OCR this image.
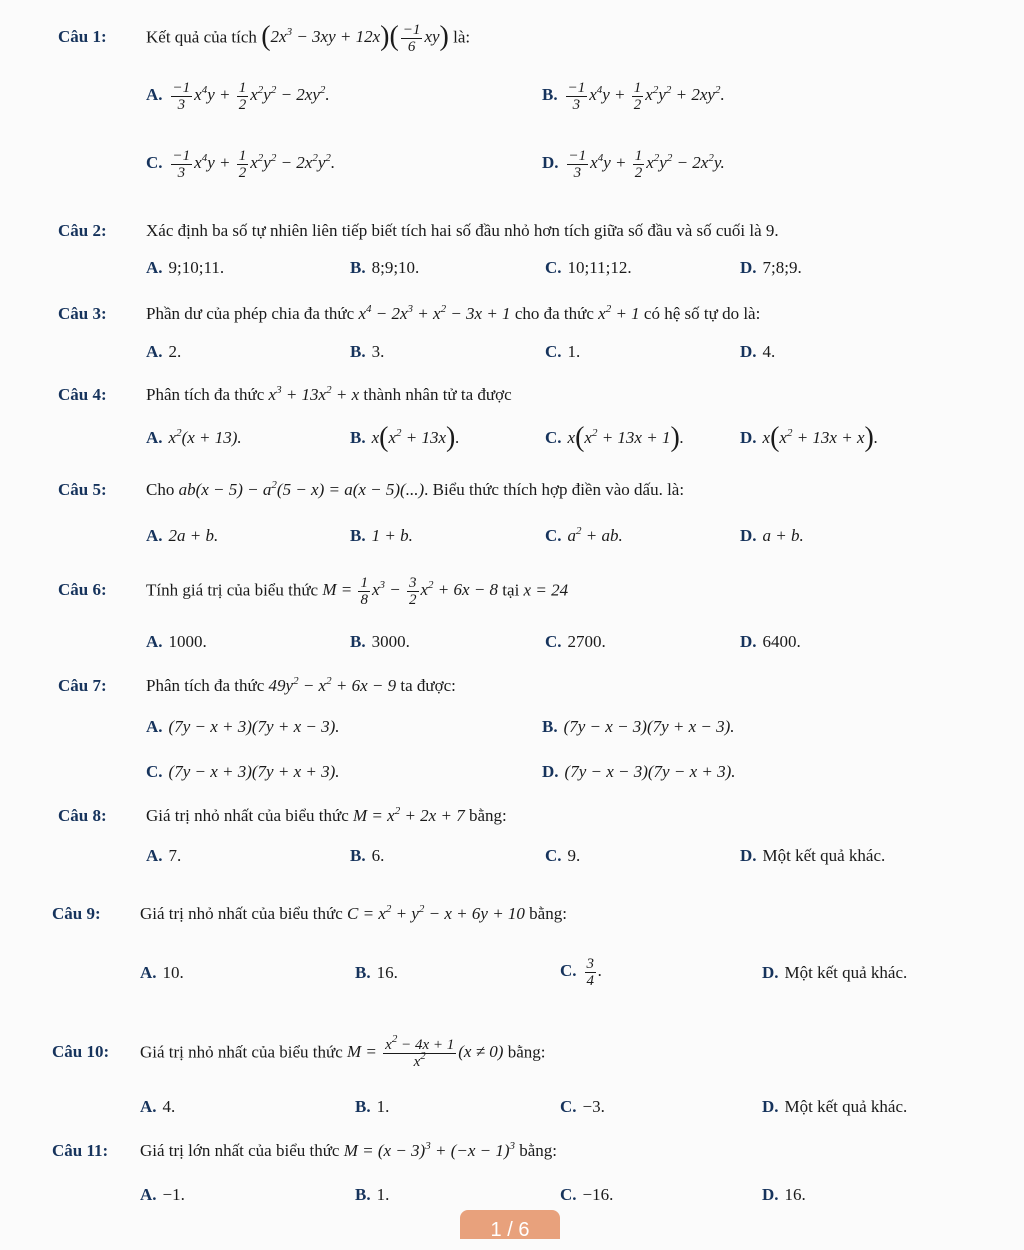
Câu 1: Kết quả của tích $(2x^3 - 3xy + 12x)( \frac{-1}{6} xy)$ là:
A. $\frac{-1}{3} x^4y + \frac{1}{2} x^2y^2 - 2xy^2$.	B. $\frac{-1}{3} x^4y + \frac{1}{2} x^2y^2 + 2xy^2$.
C. $\frac{-1}{3} x^4y + \frac{1}{2} x^2y^2 - 2x^2y^2$.	D. $\frac{-1}{3} x^4y + \frac{1}{2} x^2y^2 - 2x^2y$.
Câu 2: Xác định ba số tự nhiên liên tiếp biết tích hai số đầu nhỏ hơn tích giữa số đầu và số cuối là 9.
A. 9;10;11.	B. 8;9;10.	C. 10;11;12.	D. 7;8;9.
Câu 3: Phần dư của phép chia đa thức $x^4 - 2x^3 + x^2 - 3x + 1$ cho đa thức $x^2 + 1$ có hệ số tự do là:
A. 2.	B. 3.	C. 1.	D. 4.
Câu 4: Phân tích đa thức $x^3 + 13x^2 + x$ thành nhân tử ta được
A. $x^2(x + 13)$.	B. $x(x^2 + 13x)$.	C. $x(x^2 + 13x + 1)$.	D. $x(x^2 + 13x + x)$.
Câu 5: Cho $ab(x - 5) - a^2(5 - x) = a(x - 5)(...)$. Biểu thức thích hợp điền vào dấu. là:
A. 2a + b.	B. 1 + b.	C. $a^2$ + ab.	D. a + b.
Câu 6: Tính giá trị của biểu thức $M = \frac{1}{8} x^3 - \frac{3}{2} x^2 + 6x - 8$ tại x = 24
A. 1000.	B. 3000.	C. 2700.	D. 6400.
Câu 7: Phân tích đa thức $49y^2 - x^2 + 6x - 9$ ta được:
A. (7y − x + 3)(7y + x − 3).	B. (7y − x − 3)(7y + x − 3).
C. (7y − x + 3)(7y + x + 3).	D. (7y − x − 3)(7y − x + 3).
Câu 8: Giá trị nhỏ nhất của biểu thức $M = x^2 + 2x + 7$ bằng:
A. 7.	B. 6.	C. 9.	D. Một kết quả khác.
Câu 9: Giá trị nhỏ nhất của biểu thức $C = x^2 + y^2 - x + 6y + 10$ bằng:
A. 10.	B. 16.	C. $\frac{3}{4}$ .	D. Một kết quả khác.
Câu 10: Giá trị nhỏ nhất của biểu thức $M = \frac{x^2 - 4x + 1}{x^2} (x \ne 0)$ bằng:
A. 4.	B. 1.	C. −3.	D. Một kết quả khác.
Câu 11: Giá trị lớn nhất của biểu thức $M = (x - 3)^3 + (-x - 1)^3$ bằng:
A. −1.	B. 1.	C. −16.	D. 16.
1 / 6
